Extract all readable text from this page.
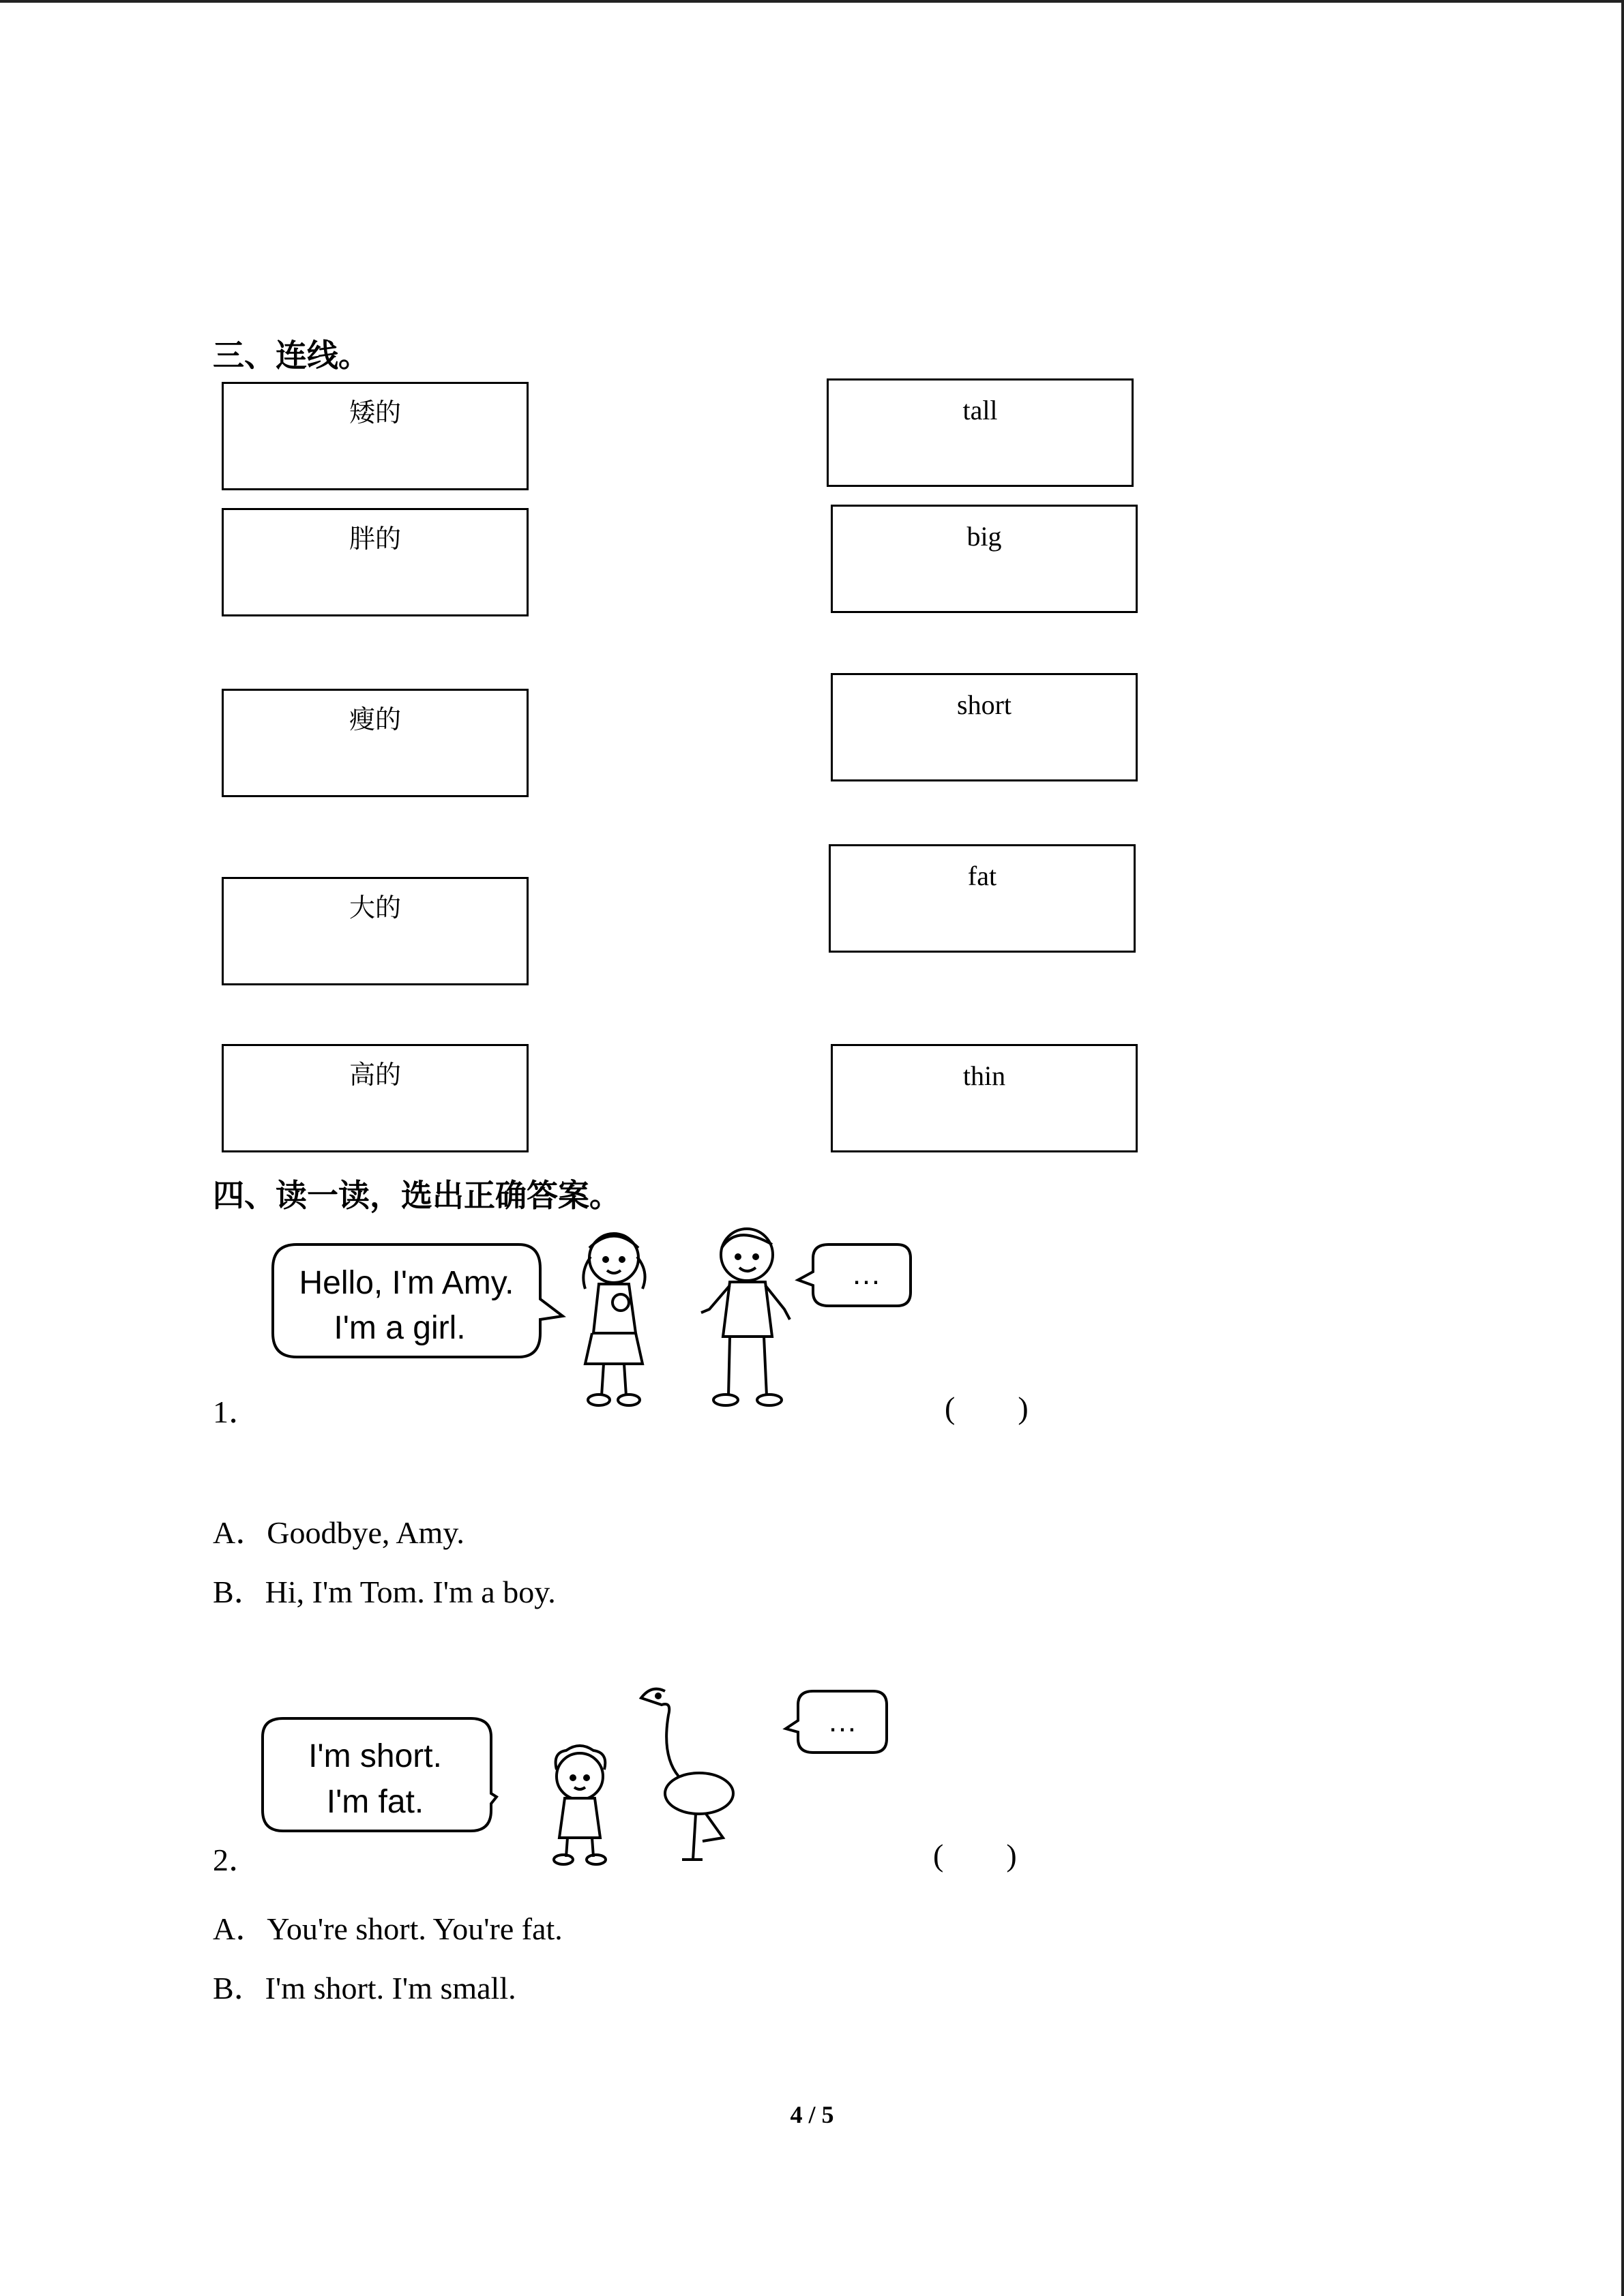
三、连线。
矮的
胖的
瘦的
大的
高的
tall
big
short
fat
thin
四、读一读，选出正确答案。
Hello, I'm Amy.
I'm a girl.
…
1．	(　　)
A．Goodbye, Amy.
B．Hi, I'm Tom. I'm a boy.
I'm short.
I'm fat.
…
2．	(　　)
A．You're short. You're fat.
B．I'm short. I'm small.
4 / 5
